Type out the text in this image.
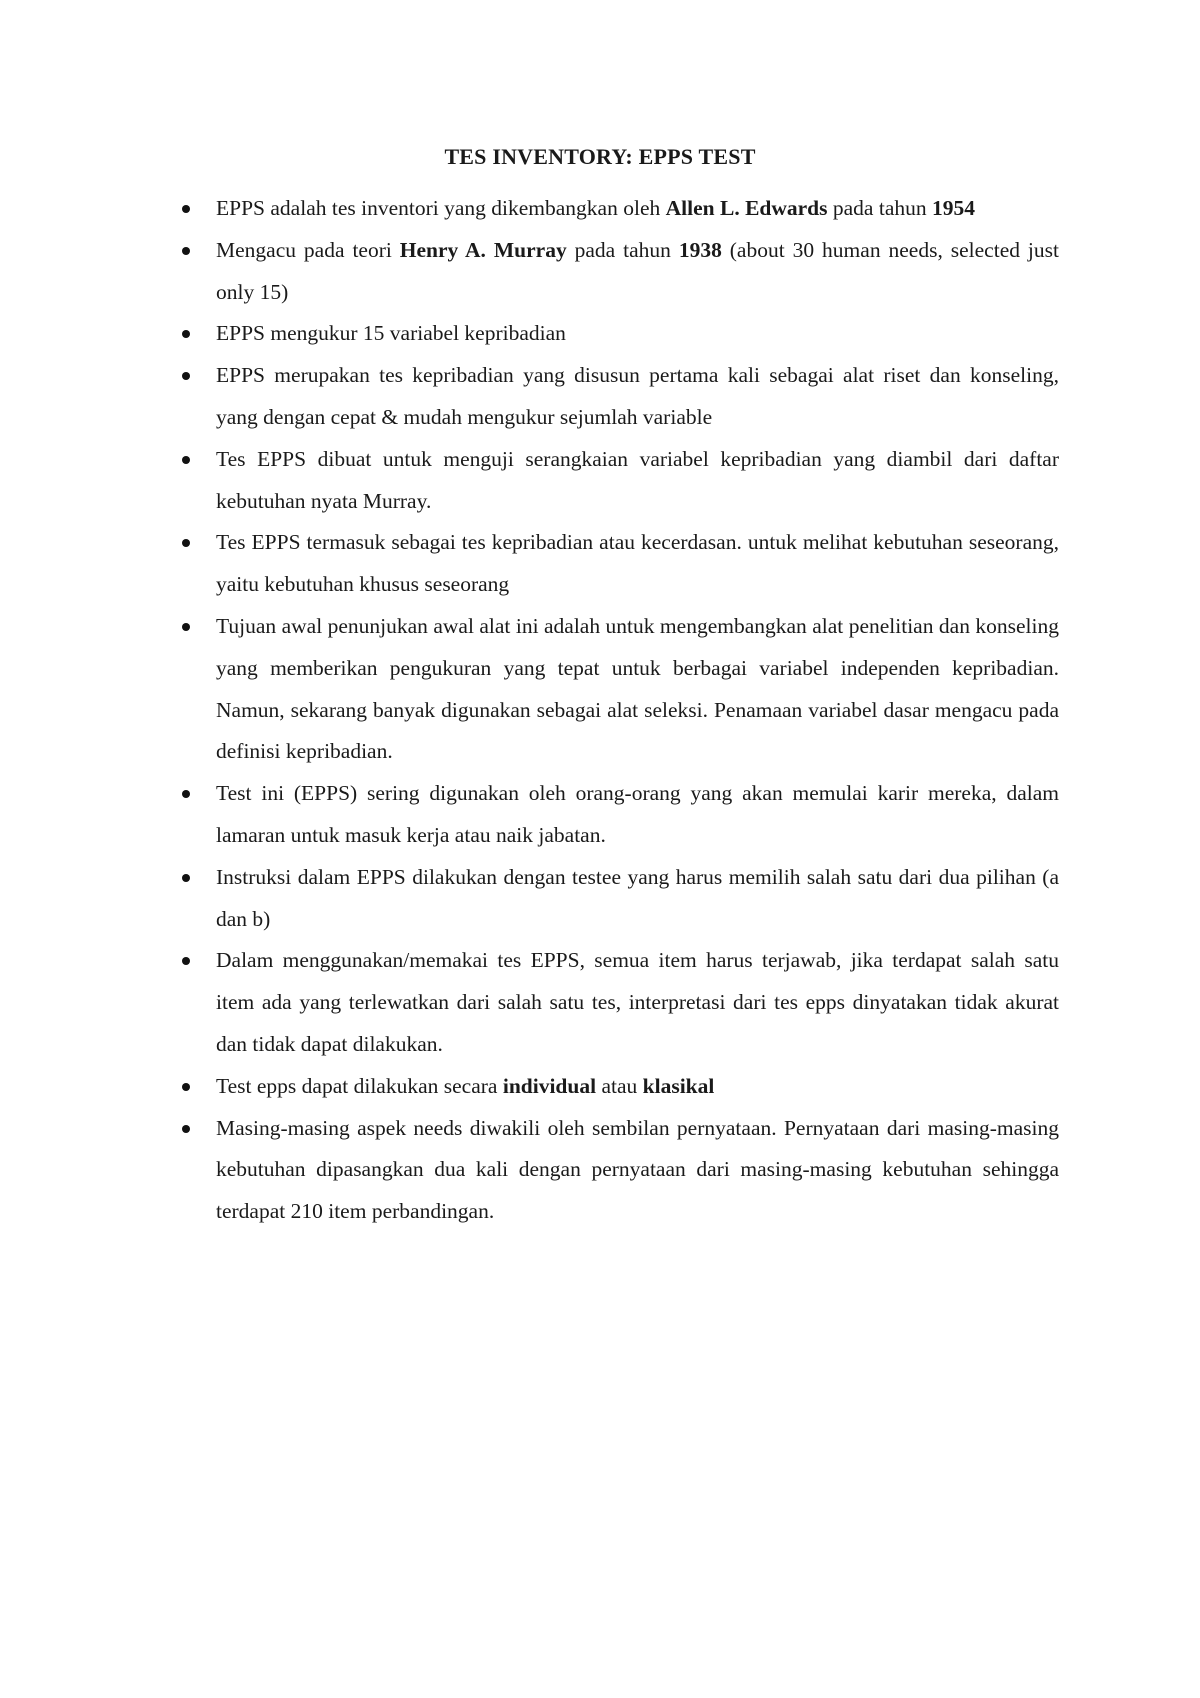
TES INVENTORY: EPPS TEST
EPPS adalah tes inventori yang dikembangkan oleh Allen L. Edwards pada tahun 1954
Mengacu pada teori Henry A. Murray pada tahun 1938 (about 30 human needs, selected just only 15)
EPPS mengukur 15 variabel kepribadian
EPPS merupakan tes kepribadian yang disusun pertama kali sebagai alat riset dan konseling, yang dengan cepat & mudah mengukur sejumlah variable
Tes EPPS dibuat untuk menguji serangkaian variabel kepribadian yang diambil dari daftar kebutuhan nyata Murray.
Tes EPPS termasuk sebagai tes kepribadian atau kecerdasan. untuk melihat kebutuhan seseorang, yaitu kebutuhan khusus seseorang
Tujuan awal penunjukan awal alat ini adalah untuk mengembangkan alat penelitian dan konseling yang memberikan pengukuran yang tepat untuk berbagai variabel independen kepribadian. Namun, sekarang banyak digunakan sebagai alat seleksi. Penamaan variabel dasar mengacu pada definisi kepribadian.
Test ini (EPPS) sering digunakan oleh orang-orang yang akan memulai karir mereka, dalam lamaran untuk masuk kerja atau naik jabatan.
Instruksi dalam EPPS dilakukan dengan testee yang harus memilih salah satu dari dua pilihan (a dan b)
Dalam menggunakan/memakai tes EPPS, semua item harus terjawab, jika terdapat salah satu item ada yang terlewatkan dari salah satu tes, interpretasi dari tes epps dinyatakan tidak akurat dan tidak dapat dilakukan.
Test epps dapat dilakukan secara individual atau klasikal
Masing-masing aspek needs diwakili oleh sembilan pernyataan. Pernyataan dari masing-masing kebutuhan dipasangkan dua kali dengan pernyataan dari masing-masing kebutuhan sehingga terdapat 210 item perbandingan.
